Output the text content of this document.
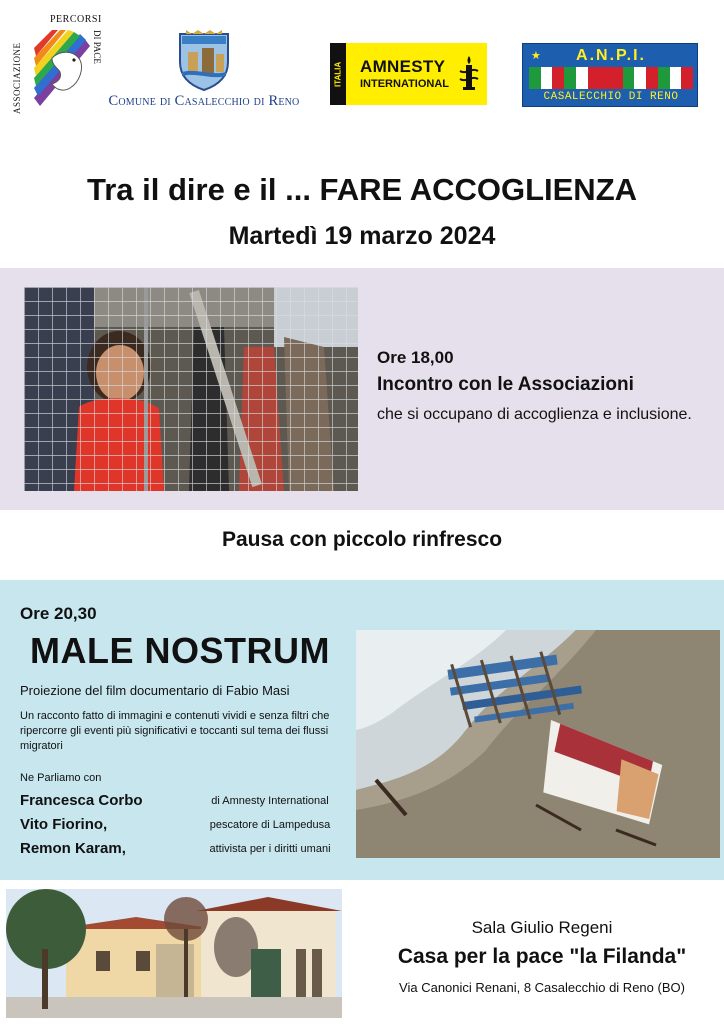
ASSOCIAZIONE
PERCORSI
DI PACE
Comune di Casalecchio di Reno
ITALIA AMNESTY
INTERNATIONAL
★	A.N.P.I.
CASALECCHIO DI RENO
Tra il dire e il ... FARE ACCOGLIENZA
Martedì 19 marzo 2024
Ore 18,00
Incontro con le Associazioni
che si occupano di accoglienza e inclusione.
Pausa con piccolo rinfresco
Ore 20,30
MALE NOSTRUM
Proiezione del film documentario di Fabio Masi
Un racconto fatto di immagini e contenuti vividi e senza filtri che ripercorre gli eventi più significativi e toccanti sul tema dei flussi migratori
Ne Parliamo con
Francesca Corbo	di Amnesty International
Vito Fiorino,	pescatore di Lampedusa
Remon Karam,	attivista per i diritti umani
Sala Giulio Regeni
Casa per la pace "la Filanda"
Via Canonici Renani, 8 Casalecchio di Reno (BO)
